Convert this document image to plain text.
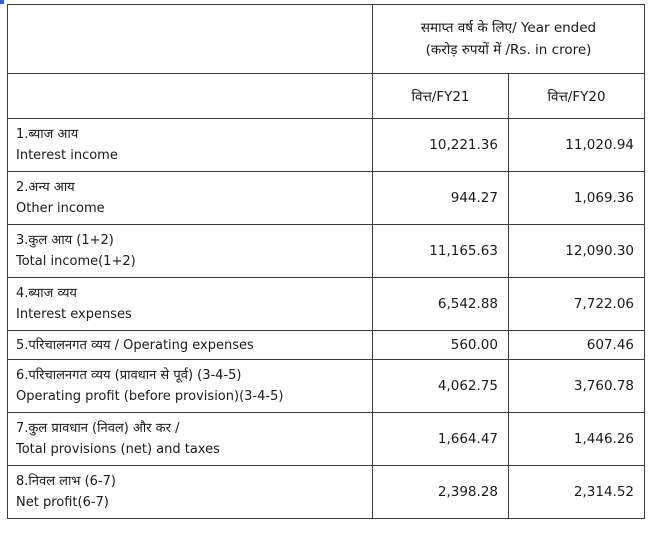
	समाप्त वर्ष के लिए/ Year ended
(करोड़ रुपयों में /Rs. in crore)	

	वित्त/FY21	वित्त/FY20

1.ब्याज आय
Interest income	10,221.36	11,020.94

2.अन्य आय
Other income	944.27	1,069.36

3.कुल आय (1+2)
Total income(1+2)	11,165.63	12,090.30

4.ब्याज व्यय
Interest expenses	6,542.88	7,722.06
5.परिचालनगत व्यय / Operating expenses	560.00	607.46

6.परिचालनगत व्यय (प्रावधान से पूर्व) (3-4-5)
Operating profit (before provision)(3-4-5)	4,062.75	3,760.78

7.कुल प्रावधान (निवल) और कर /
Total provisions (net) and taxes	1,664.47	1,446.26

8.निवल लाभ (6-7)
Net profit(6-7)	2,398.28	2,314.52
